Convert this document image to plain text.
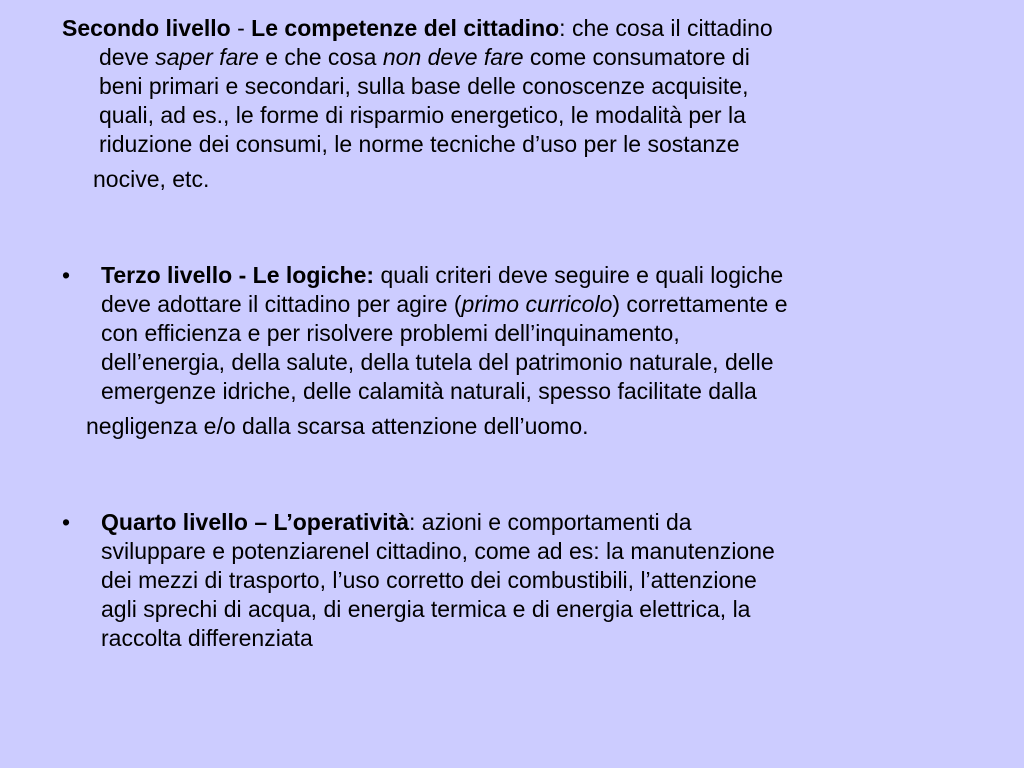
Secondo livello - Le competenze del cittadino: che cosa il cittadino
deve saper fare e che cosa non deve fare come consumatore di
beni primari e secondari, sulla base delle conoscenze acquisite,
quali, ad es., le forme di risparmio energetico, le modalità per la
riduzione dei consumi, le norme tecniche d’uso per le sostanze
nocive, etc.
•	Terzo livello - Le logiche: quali criteri deve seguire e quali logiche
deve adottare il cittadino per agire (primo curricolo) correttamente e
con efficienza e per risolvere problemi dell’inquinamento,
dell’energia, della salute, della tutela del patrimonio naturale, delle
emergenze idriche, delle calamità naturali, spesso facilitate dalla
negligenza e/o dalla scarsa attenzione dell’uomo.
•	Quarto livello – L’operatività: azioni e comportamenti da
sviluppare e potenziarenel cittadino, come ad es: la manutenzione
dei mezzi di trasporto, l’uso corretto dei combustibili, l’attenzione
agli sprechi di acqua, di energia termica e di energia elettrica, la
raccolta differenziata
